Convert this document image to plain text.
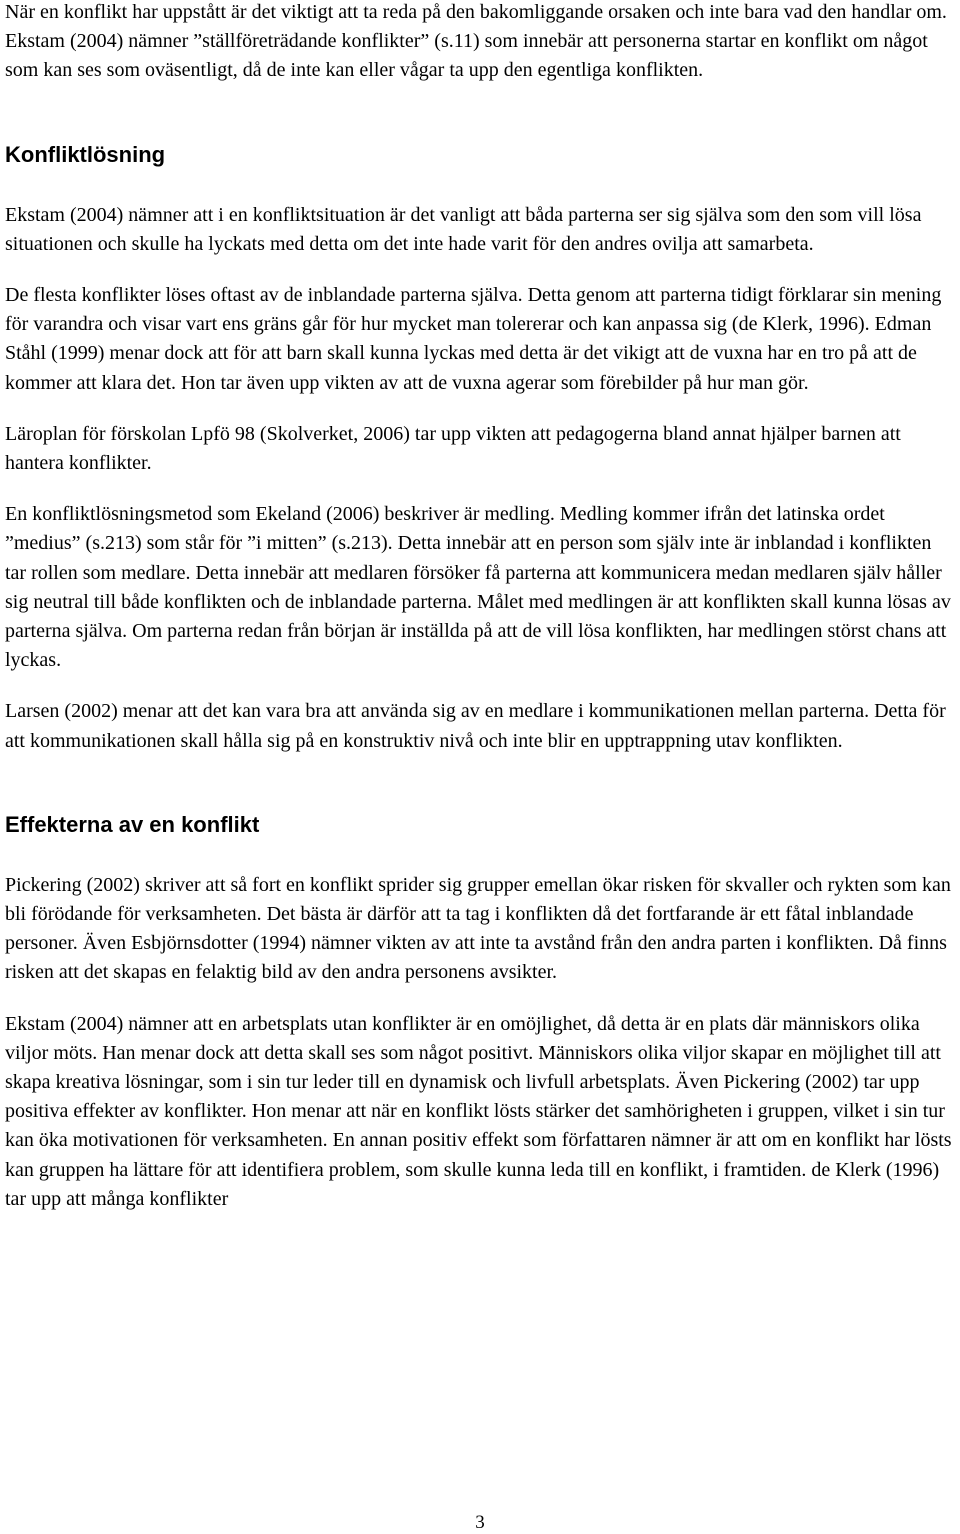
När en konflikt har uppstått är det viktigt att ta reda på den bakomliggande orsaken och inte bara vad den handlar om. Ekstam (2004) nämner ”ställföreträdande konflikter” (s.11) som innebär att personerna startar en konflikt om något som kan ses som oväsentligt, då de inte kan eller vågar ta upp den egentliga konflikten.

Konfliktlösning

Ekstam (2004) nämner att i en konfliktsituation är det vanligt att båda parterna ser sig själva som den som vill lösa situationen och skulle ha lyckats med detta om det inte hade varit för den andres ovilja att samarbeta.

De flesta konflikter löses oftast av de inblandade parterna själva. Detta genom att parterna tidigt förklarar sin mening för varandra och visar vart ens gräns går för hur mycket man tolererar och kan anpassa sig (de Klerk, 1996). Edman Ståhl (1999) menar dock att för att barn skall kunna lyckas med detta är det vikigt att de vuxna har en tro på att de kommer att klara det. Hon tar även upp vikten av att de vuxna agerar som förebilder på hur man gör.

Läroplan för förskolan Lpfö 98 (Skolverket, 2006) tar upp vikten att pedagogerna bland annat hjälper barnen att hantera konflikter.

En konfliktlösningsmetod som Ekeland (2006) beskriver är medling. Medling kommer ifrån det latinska ordet ”medius” (s.213) som står för ”i mitten” (s.213). Detta innebär att en person som själv inte är inblandad i konflikten tar rollen som medlare. Detta innebär att medlaren försöker få parterna att kommunicera medan medlaren själv håller sig neutral till både konflikten och de inblandade parterna. Målet med medlingen är att konflikten skall kunna lösas av parterna själva. Om parterna redan från början är inställda på att de vill lösa konflikten, har medlingen störst chans att lyckas.

Larsen (2002) menar att det kan vara bra att använda sig av en medlare i kommunikationen mellan parterna. Detta för att kommunikationen skall hålla sig på en konstruktiv nivå och inte blir en upptrappning utav konflikten.

Effekterna av en konflikt

Pickering (2002) skriver att så fort en konflikt sprider sig grupper emellan ökar risken för skvaller och rykten som kan bli förödande för verksamheten. Det bästa är därför att ta tag i konflikten då det fortfarande är ett fåtal inblandade personer. Även Esbjörnsdotter (1994) nämner vikten av att inte ta avstånd från den andra parten i konflikten. Då finns risken att det skapas en felaktig bild av den andra personens avsikter.

Ekstam (2004) nämner att en arbetsplats utan konflikter är en omöjlighet, då detta är en plats där människors olika viljor möts. Han menar dock att detta skall ses som något positivt. Människors olika viljor skapar en möjlighet till att skapa kreativa lösningar, som i sin tur leder till en dynamisk och livfull arbetsplats. Även Pickering (2002) tar upp positiva effekter av konflikter. Hon menar att när en konflikt lösts stärker det samhörigheten i gruppen, vilket i sin tur kan öka motivationen för verksamheten. En annan positiv effekt som författaren nämner är att om en konflikt har lösts kan gruppen ha lättare för att identifiera problem, som skulle kunna leda till en konflikt, i framtiden. de Klerk (1996) tar upp att många konflikter

3
